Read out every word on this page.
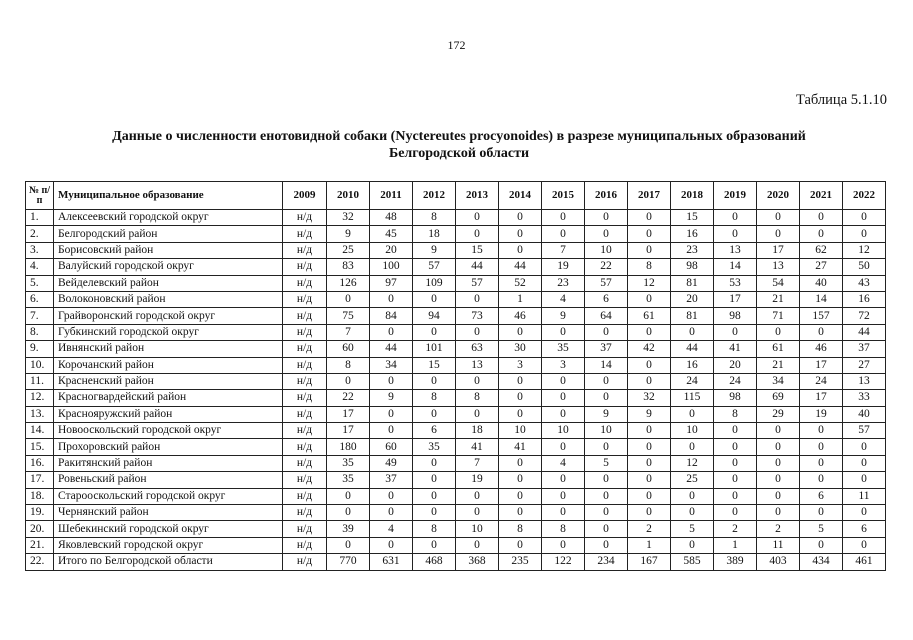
172
Таблица 5.1.10
Данные о численности енотовидной собаки (Nyctereutes procyonoides) в разрезе муниципальных образований
Белгородской области
№ п/п	Муниципальное образование	2009	2010	2011	2012	2013	2014	2015	2016	2017	2018	2019	2020	2021	2022
1.	Алексеевский городской округ	н/д	32	48	8	0	0	0	0	0	15	0	0	0	0
2.	Белгородский район	н/д	9	45	18	0	0	0	0	0	16	0	0	0	0
3.	Борисовский район	н/д	25	20	9	15	0	7	10	0	23	13	17	62	12
4.	Валуйский городской округ	н/д	83	100	57	44	44	19	22	8	98	14	13	27	50
5.	Вейделевский район	н/д	126	97	109	57	52	23	57	12	81	53	54	40	43
6.	Волоконовский район	н/д	0	0	0	0	1	4	6	0	20	17	21	14	16
7.	Грайворонский городской округ	н/д	75	84	94	73	46	9	64	61	81	98	71	157	72
8.	Губкинский городской округ	н/д	7	0	0	0	0	0	0	0	0	0	0	0	44
9.	Ивнянский район	н/д	60	44	101	63	30	35	37	42	44	41	61	46	37
10.	Корочанский район	н/д	8	34	15	13	3	3	14	0	16	20	21	17	27
11.	Красненский район	н/д	0	0	0	0	0	0	0	0	24	24	34	24	13
12.	Красногвардейский район	н/д	22	9	8	8	0	0	0	32	115	98	69	17	33
13.	Краснояружский район	н/д	17	0	0	0	0	0	9	9	0	8	29	19	40
14.	Новооскольский городской округ	н/д	17	0	6	18	10	10	10	0	10	0	0	0	57
15.	Прохоровский район	н/д	180	60	35	41	41	0	0	0	0	0	0	0	0
16.	Ракитянский район	н/д	35	49	0	7	0	4	5	0	12	0	0	0	0
17.	Ровеньский район	н/д	35	37	0	19	0	0	0	0	25	0	0	0	0
18.	Старооскольский городской округ	н/д	0	0	0	0	0	0	0	0	0	0	0	6	11
19.	Чернянский район	н/д	0	0	0	0	0	0	0	0	0	0	0	0	0
20.	Шебекинский городской округ	н/д	39	4	8	10	8	8	0	2	5	2	2	5	6
21.	Яковлевский городской округ	н/д	0	0	0	0	0	0	0	1	0	1	11	0	0
22.	Итого по Белгородской области	н/д	770	631	468	368	235	122	234	167	585	389	403	434	461
